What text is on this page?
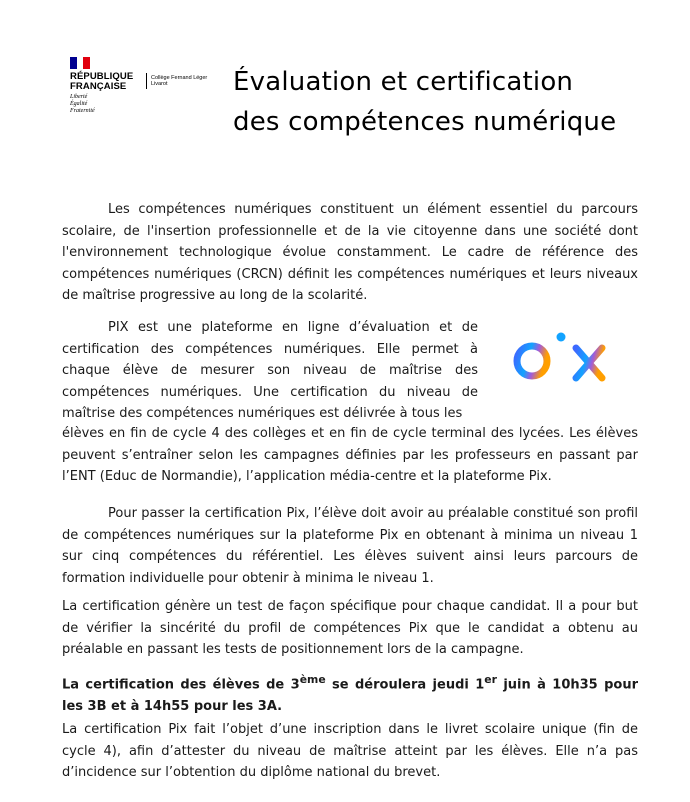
RÉPUBLIQUE
FRANÇAISE
Liberté
Égalité
Fraternité
Collège Fernand Léger
Livarot	Évaluation et certification
des compétences numérique

Les compétences numériques constituent un élément essentiel du parcours scolaire, de l'insertion professionnelle et de la vie citoyenne dans une société dont l'environnement technologique évolue constamment. Le cadre de référence des compétences numériques (CRCN) définit les compétences numériques et leurs niveaux de maîtrise progressive au long de la scolarité.

PIX est une plateforme en ligne d’évaluation et de certification des compétences numériques. Elle permet à chaque élève de mesurer son niveau de maîtrise des compétences numériques. Une certification du niveau de maîtrise des compétences numériques est délivrée à tous les

élèves en fin de cycle 4 des collèges et en fin de cycle terminal des lycées. Les élèves peuvent s’entraîner selon les campagnes définies par les professeurs en passant par l’ENT (Educ de Normandie), l’application média-centre et la plateforme Pix.

Pour passer la certification Pix, l’élève doit avoir au préalable constitué son profil de compétences numériques sur la plateforme Pix en obtenant à minima un niveau 1 sur cinq compétences du référentiel. Les élèves suivent ainsi leurs parcours de formation individuelle pour obtenir à minima le niveau 1.

La certification génère un test de façon spécifique pour chaque candidat. Il a pour but de vérifier la sincérité du profil de compétences Pix que le candidat a obtenu au préalable en passant les tests de positionnement lors de la campagne.

La certification des élèves de 3ème se déroulera jeudi 1er juin à 10h35 pour les 3B et à 14h55 pour les 3A.

La certification Pix fait l’objet d’une inscription dans le livret scolaire unique (fin de cycle 4), afin d’attester du niveau de maîtrise atteint par les élèves. Elle n’a pas d’incidence sur l’obtention du diplôme national du brevet.
